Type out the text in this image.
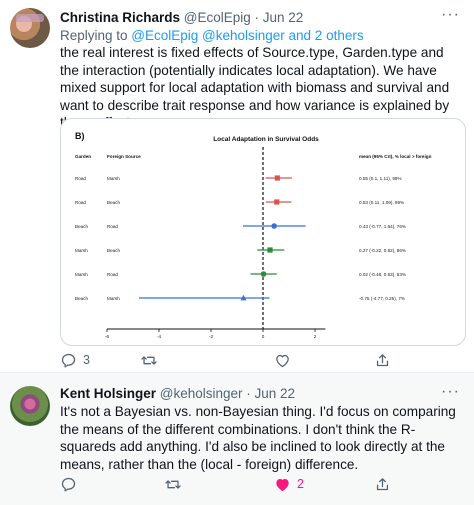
Christina Richards @EcolEpig · Jun 22	···
Replying to @EcolEpig @keholsinger and 2 others
the real interest is fixed effects of Source.type, Garden.type and the interaction (potentially indicates local adaptation). We have mixed support for local adaptation with biomass and survival and want to describe trait response and how variance is explained by
B)	Local Adaptation in Survival Odds
Garden	Foreign Source	mean (95% CrI), % local > foreign
Road	Marsh	0.55 (0.1, 1.11), 99%
Road	Beach	0.53 (0.11, 1.09), 99%
Beach	Road	0.43 (-0.77, 1.64), 76%
Marsh	Beach	0.27 (-0.22, 0.82), 86%
Marsh	Road	0.02 (-0.48, 0.53), 53%
Beach	Marsh	-0.75 (-4.77, 0.25), 7%
-6	-4	-2	0	2
3
Kent Holsinger @keholsinger · Jun 22	···
It's not a Bayesian vs. non-Bayesian thing. I'd focus on comparing the means of the different combinations. I don't think the R-squareds add anything. I'd also be inclined to look directly at the means, rather than the (local - foreign) difference.
2
